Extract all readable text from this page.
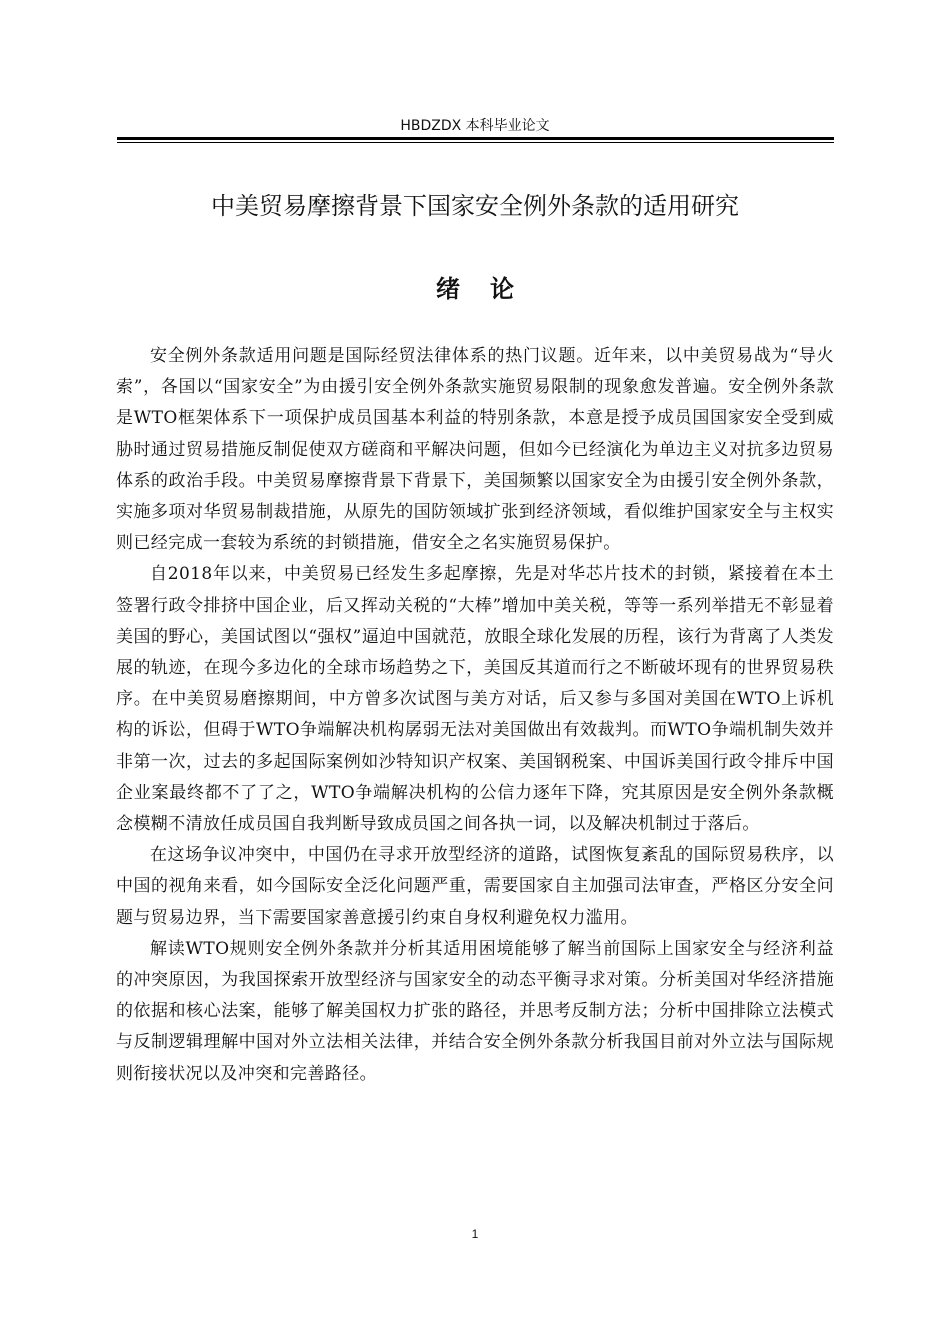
HBDZDX 本科毕业论文
中美贸易摩擦背景下国家安全例外条款的适用研究
绪论

安全例外条款适用问题是国际经贸法律体系的热门议题。近年来，以中美贸易战为“导火索”，各国以“国家安全”为由援引安全例外条款实施贸易限制的现象愈发普遍。安全例外条款是WTO框架体系下一项保护成员国基本利益的特别条款，本意是授予成员国国家安全受到威胁时通过贸易措施反制促使双方磋商和平解决问题，但如今已经演化为单边主义对抗多边贸易体系的政治手段。中美贸易摩擦背景下背景下，美国频繁以国家安全为由援引安全例外条款，实施多项对华贸易制裁措施，从原先的国防领域扩张到经济领域，看似维护国家安全与主权实则已经完成一套较为系统的封锁措施，借安全之名实施贸易保护。

自2018年以来，中美贸易已经发生多起摩擦，先是对华芯片技术的封锁，紧接着在本土签署行政令排挤中国企业，后又挥动关税的“大棒”增加中美关税，等等一系列举措无不彰显着美国的野心，美国试图以“强权”逼迫中国就范，放眼全球化发展的历程，该行为背离了人类发展的轨迹，在现今多边化的全球市场趋势之下，美国反其道而行之不断破坏现有的世界贸易秩序。在中美贸易磨擦期间，中方曾多次试图与美方对话，后又参与多国对美国在WTO上诉机构的诉讼，但碍于WTO争端解决机构孱弱无法对美国做出有效裁判。而WTO争端机制失效并非第一次，过去的多起国际案例如沙特知识产权案、美国钢税案、中国诉美国行政令排斥中国企业案最终都不了了之，WTO争端解决机构的公信力逐年下降，究其原因是安全例外条款概念模糊不清放任成员国自我判断导致成员国之间各执一词，以及解决机制过于落后。

在这场争议冲突中，中国仍在寻求开放型经济的道路，试图恢复紊乱的国际贸易秩序，以中国的视角来看，如今国际安全泛化问题严重，需要国家自主加强司法审查，严格区分安全问题与贸易边界，当下需要国家善意援引约束自身权利避免权力滥用。

解读WTO规则安全例外条款并分析其适用困境能够了解当前国际上国家安全与经济利益的冲突原因，为我国探索开放型经济与国家安全的动态平衡寻求对策。分析美国对华经济措施的依据和核心法案，能够了解美国权力扩张的路径，并思考反制方法；分析中国排除立法模式与反制逻辑理解中国对外立法相关法律，并结合安全例外条款分析我国目前对外立法与国际规则衔接状况以及冲突和完善路径。

1
